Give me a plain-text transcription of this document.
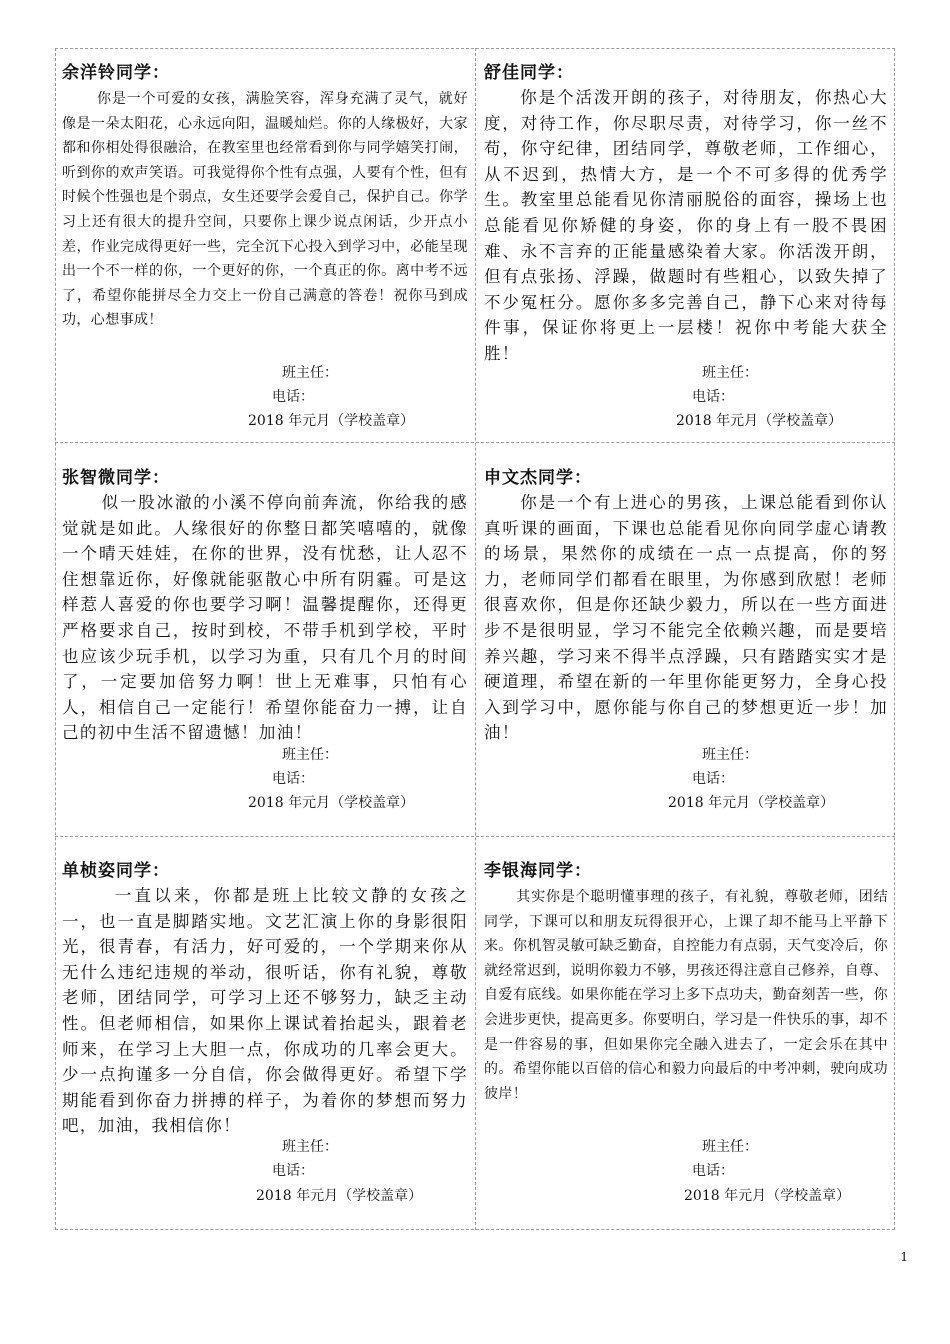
余洋铃同学：

你是一个可爱的女孩，满脸笑容，浑身充满了灵气，就好像是一朵太阳花，心永远向阳，温暖灿烂。你的人缘极好，大家都和你相处得很融洽，在教室里也经常看到你与同学嬉笑打闹，听到你的欢声笑语。可我觉得你个性有点强，人要有个性，但有时候个性强也是个弱点，女生还要学会爱自己，保护自己。你学习上还有很大的提升空间，只要你上课少说点闲话，少开点小差，作业完成得更好一些，完全沉下心投入到学习中，必能呈现出一个不一样的你，一个更好的你，一个真正的你。离中考不远了，希望你能拼尽全力交上一份自己满意的答卷！祝你马到成功，心想事成！

班主任：
电话：
2018 年元月（学校盖章）
舒佳同学：

你是个活泼开朗的孩子，对待朋友，你热心大度，对待工作，你尽职尽责，对待学习，你一丝不苟，你守纪律，团结同学，尊敬老师，工作细心，从不迟到，热情大方，是一个不可多得的优秀学生。教室里总能看见你清丽脱俗的面容，操场上也总能看见你矫健的身姿，你的身上有一股不畏困难、永不言弃的正能量感染着大家。你活泼开朗，但有点张扬、浮躁，做题时有些粗心，以致失掉了不少冤枉分。愿你多多完善自己，静下心来对待每件事，保证你将更上一层楼！祝你中考能大获全胜！

班主任：
电话：
2018 年元月（学校盖章）
张智微同学：

似一股冰澈的小溪不停向前奔流，你给我的感觉就是如此。人缘很好的你整日都笑嘻嘻的，就像一个晴天娃娃，在你的世界，没有忧愁，让人忍不住想靠近你，好像就能驱散心中所有阴霾。可是这样惹人喜爱的你也要学习啊！温馨提醒你，还得更严格要求自己，按时到校，不带手机到学校，平时也应该少玩手机，以学习为重，只有几个月的时间了，一定要加倍努力啊！世上无难事，只怕有心人，相信自己一定能行！希望你能奋力一搏，让自己的初中生活不留遗憾！加油！

班主任：
电话：
2018 年元月（学校盖章）
申文杰同学：

你是一个有上进心的男孩，上课总能看到你认真听课的画面，下课也总能看见你向同学虚心请教的场景，果然你的成绩在一点一点提高，你的努力，老师同学们都看在眼里，为你感到欣慰！老师很喜欢你，但是你还缺少毅力，所以在一些方面进步不是很明显，学习不能完全依赖兴趣，而是要培养兴趣，学习来不得半点浮躁，只有踏踏实实才是硬道理，希望在新的一年里你能更努力，全身心投入到学习中，愿你能与你自己的梦想更近一步！加油！

班主任：
电话：
2018 年元月（学校盖章）
单桢姿同学：

一直以来，你都是班上比较文静的女孩之一，也一直是脚踏实地。文艺汇演上你的身影很阳光，很青春，有活力，好可爱的，一个学期来你从无什么违纪违规的举动，很听话，你有礼貌，尊敬老师，团结同学，可学习上还不够努力，缺乏主动性。但老师相信，如果你上课试着抬起头，跟着老师来，在学习上大胆一点，你成功的几率会更大。少一点拘谨多一分自信，你会做得更好。希望下学期能看到你奋力拼搏的样子，为着你的梦想而努力吧，加油，我相信你！

班主任：
电话：
2018 年元月（学校盖章）
李银海同学：

其实你是个聪明懂事理的孩子，有礼貌，尊敬老师，团结同学，下课可以和朋友玩得很开心，上课了却不能马上平静下来。你机智灵敏可缺乏勤奋，自控能力有点弱，天气变冷后，你就经常迟到，说明你毅力不够，男孩还得注意自己修养，自尊、自爱有底线。如果你能在学习上多下点功夫，勤奋刻苦一些，你会进步更快，提高更多。你要明白，学习是一件快乐的事，却不是一件容易的事，但如果你完全融入进去了，一定会乐在其中的。希望你能以百倍的信心和毅力向最后的中考冲刺，驶向成功彼岸！

班主任：
电话：
2018 年元月（学校盖章）
1
